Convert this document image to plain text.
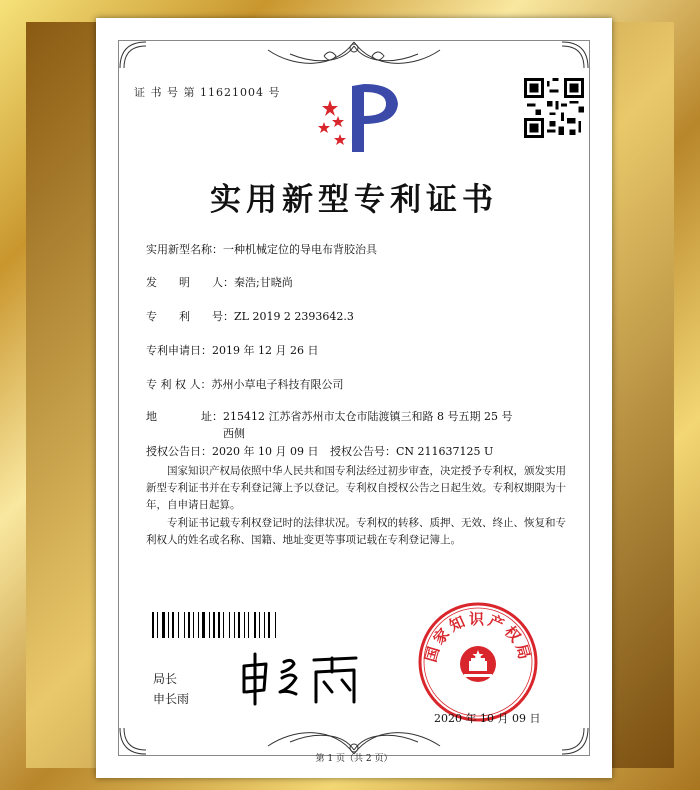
证 书 号 第 11621004 号
实用新型专利证书
实用新型名称：一种机械定位的导电布背胶治具
发　　明　　人：秦浩;甘晓尚
专　　利　　号：ZL 2019 2 2393642.3
专利申请日：2019 年 12 月 26 日
专 利 权 人：苏州小草电子科技有限公司
地　　　　址：215412 江苏省苏州市太仓市陆渡镇三和路 8 号五期 25 号西侧
授权公告日：2020 年 10 月 09 日 授权公告号：CN 211637125 U
国家知识产权局依照中华人民共和国专利法经过初步审查，决定授予专利权，颁发实用新型专利证书并在专利登记簿上予以登记。专利权自授权公告之日起生效。专利权期限为十年，自申请日起算。
专利证书记载专利权登记时的法律状况。专利权的转移、质押、无效、终止、恢复和专利权人的姓名或名称、国籍、地址变更等事项记载在专利登记簿上。
局长
申长雨
国家知识产权局
2020 年 10 月 09 日
第 1 页（共 2 页）
